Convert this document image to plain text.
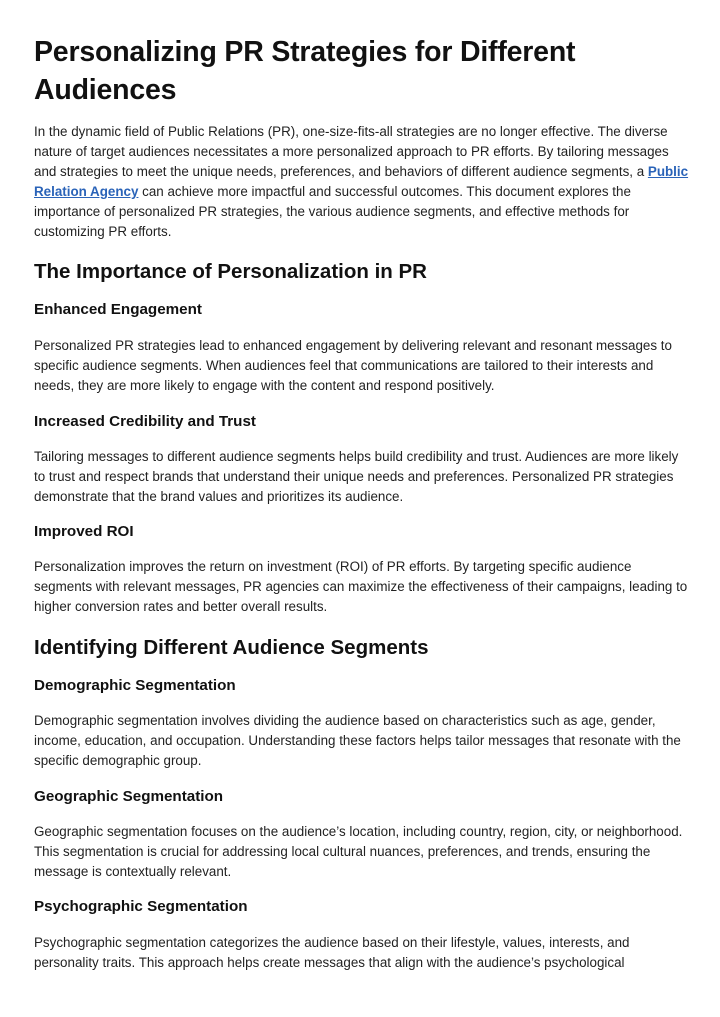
Personalizing PR Strategies for Different Audiences

In the dynamic field of Public Relations (PR), one-size-fits-all strategies are no longer effective. The diverse nature of target audiences necessitates a more personalized approach to PR efforts. By tailoring messages and strategies to meet the unique needs, preferences, and behaviors of different audience segments, a Public Relation Agency can achieve more impactful and successful outcomes. This document explores the importance of personalized PR strategies, the various audience segments, and effective methods for customizing PR efforts.

The Importance of Personalization in PR
Enhanced Engagement

Personalized PR strategies lead to enhanced engagement by delivering relevant and resonant messages to specific audience segments. When audiences feel that communications are tailored to their interests and needs, they are more likely to engage with the content and respond positively.

Increased Credibility and Trust

Tailoring messages to different audience segments helps build credibility and trust. Audiences are more likely to trust and respect brands that understand their unique needs and preferences. Personalized PR strategies demonstrate that the brand values and prioritizes its audience.

Improved ROI

Personalization improves the return on investment (ROI) of PR efforts. By targeting specific audience segments with relevant messages, PR agencies can maximize the effectiveness of their campaigns, leading to higher conversion rates and better overall results.

Identifying Different Audience Segments
Demographic Segmentation

Demographic segmentation involves dividing the audience based on characteristics such as age, gender, income, education, and occupation. Understanding these factors helps tailor messages that resonate with the specific demographic group.

Geographic Segmentation

Geographic segmentation focuses on the audience’s location, including country, region, city, or neighborhood. This segmentation is crucial for addressing local cultural nuances, preferences, and trends, ensuring the message is contextually relevant.

Psychographic Segmentation

Psychographic segmentation categorizes the audience based on their lifestyle, values, interests, and personality traits. This approach helps create messages that align with the audience’s psychological
